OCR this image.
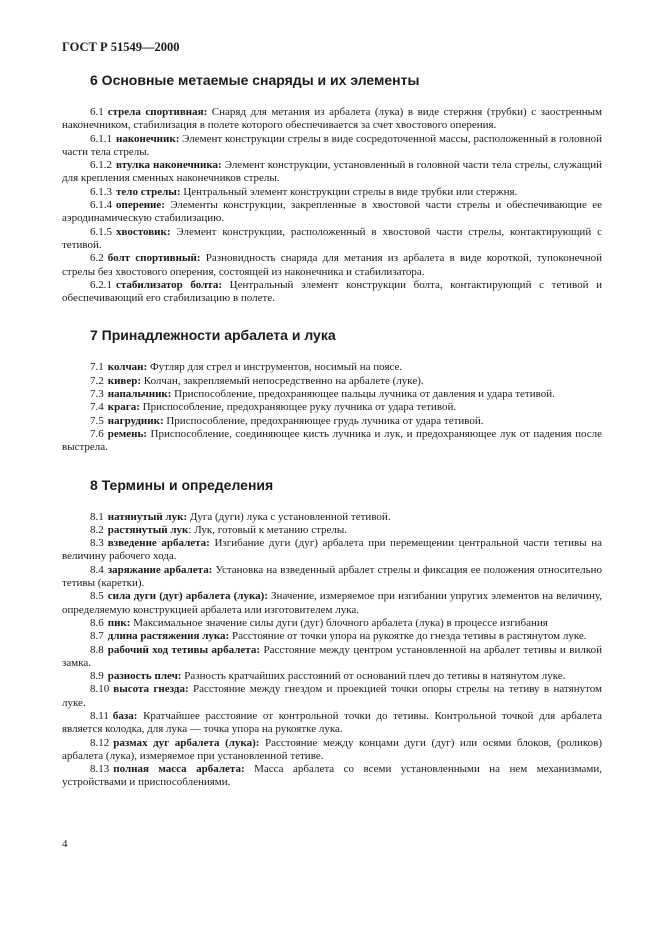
ГОСТ Р 51549—2000
6 Основные метаемые снаряды и их элементы

6.1 стрела спортивная: Снаряд для метания из арбалета (лука) в виде стержня (трубки) с заостренным наконечником, стабилизация в полете которого обеспечивается за счет хвостового оперения.

6.1.1 наконечник: Элемент конструкции стрелы в виде сосредоточенной массы, расположенный в головной части тела стрелы.

6.1.2 втулка наконечника: Элемент конструкции, установленный в головной части тела стрелы, служащий для крепления сменных наконечников стрелы.

6.1.3 тело стрелы: Центральный элемент конструкции стрелы в виде трубки или стержня.

6.1.4 оперение: Элементы конструкции, закрепленные в хвостовой части стрелы и обеспечивающие ее аэродинамическую стабилизацию.

6.1.5 хвостовик: Элемент конструкции, расположенный в хвостовой части стрелы, контактирующий с тетивой.

6.2 болт спортивный: Разновидность снаряда для метания из арбалета в виде короткой, тупоконечной стрелы без хвостового оперения, состоящей из наконечника и стабилизатора.

6.2.1 стабилизатор болта: Центральный элемент конструкции болта, контактирующий с тетивой и обеспечивающий его стабилизацию в полете.

7 Принадлежности арбалета и лука

7.1 колчан: Футляр для стрел и инструментов, носимый на поясе.

7.2 кивер: Колчан, закрепляемый непосредственно на арбалете (луке).

7.3 напальчник: Приспособление, предохраняющее пальцы лучника от давления и удара тетивой.

7.4 крага: Приспособление, предохраняющее руку лучника от удара тетивой.

7.5 нагрудник: Приспособление, предохраняющее грудь лучника от удара тетивой.

7.6 ремень: Приспособление, соединяющее кисть лучника и лук, и предохраняющее лук от падения после выстрела.

8 Термины и определения

8.1 натянутый лук: Дуга (дуги) лука с установленной тетивой.

8.2 растянутый лук: Лук, готовый к метанию стрелы.

8.3 взведение арбалета: Изгибание дуги (дуг) арбалета при перемещении центральной части тетивы на величину рабочего хода.

8.4 заряжание арбалета: Установка на взведенный арбалет стрелы и фиксация ее положения относительно тетивы (каретки).

8.5 сила дуги (дуг) арбалета (лука): Значение, измеряемое при изгибании упругих элементов на величину, определяемую конструкцией арбалета или изготовителем лука.

8.6 пик: Максимальное значение силы дуги (дуг) блочного арбалета (лука) в процессе изгибания

8.7 длина растяжения лука: Расстояние от точки упора на рукоятке до гнезда тетивы в растянутом луке.

8.8 рабочий ход тетивы арбалета: Расстояние между центром установленной на арбалет тетивы и вилкой замка.

8.9 разность плеч: Разность кратчайших расстояний от оснований плеч до тетивы в натянутом луке.

8.10 высота гнезда: Расстояние между гнездом и проекцией точки опоры стрелы на тетиву в натянутом луке.

8.11 база: Кратчайшее расстояние от контрольной точки до тетивы. Контрольной точкой для арбалета является колодка, для лука — точка упора на рукоятке лука.

8.12 размах дуг арбалета (лука): Расстояние между концами дуги (дуг) или осями блоков, (роликов) арбалета (лука), измеряемое при установленной тетиве.

8.13 полная масса арбалета: Масса арбалета со всеми установленными на нем механизмами, устройствами и приспособлениями.

4
